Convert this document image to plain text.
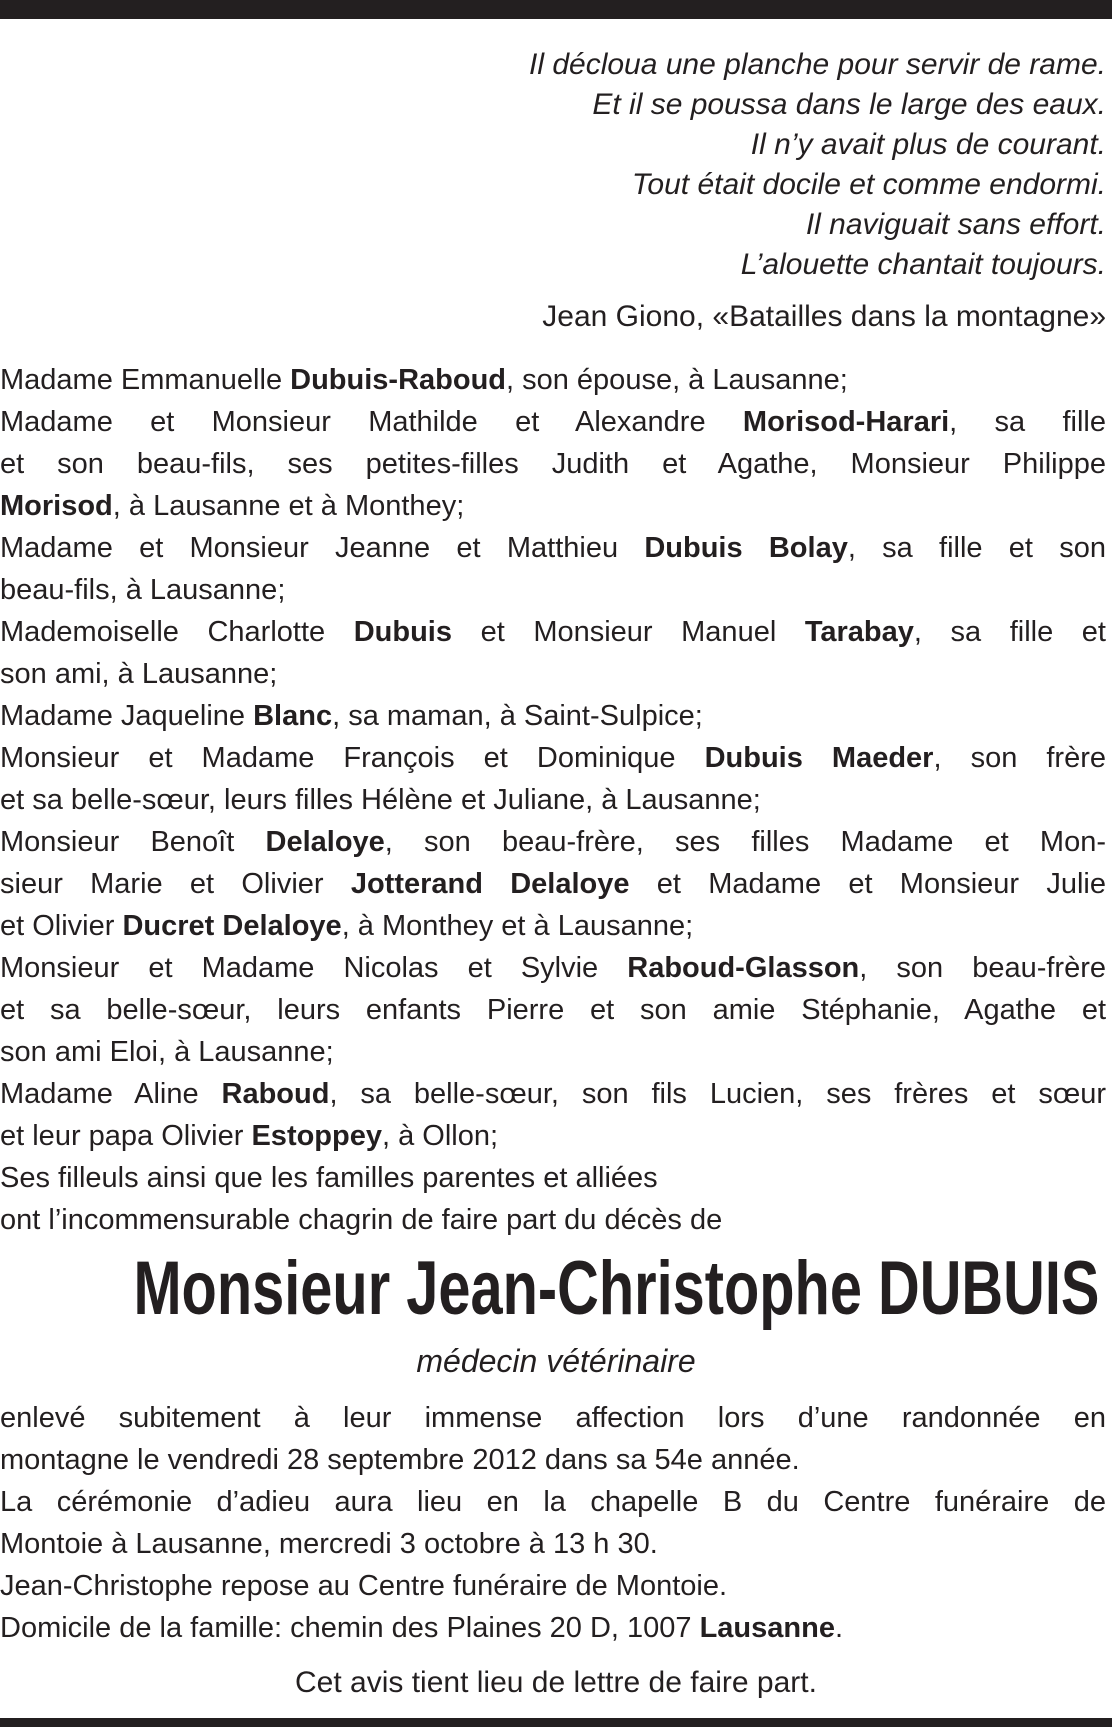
Il décloua une planche pour servir de rame.
Et il se poussa dans le large des eaux.
Il n’y avait plus de courant.
Tout était docile et comme endormi.
Il naviguait sans effort.
L’alouette chantait toujours.
Jean Giono, «Batailles dans la montagne»

Madame Emmanuelle Dubuis-Raboud, son épouse, à Lausanne;

Madame et Monsieur Mathilde et Alexandre Morisod-Harari, sa fille
et son beau-fils, ses petites-filles Judith et Agathe, Monsieur Philippe
Morisod, à Lausanne et à Monthey;

Madame et Monsieur Jeanne et Matthieu Dubuis Bolay, sa fille et son
beau-fils, à Lausanne;

Mademoiselle Charlotte Dubuis et Monsieur Manuel Tarabay, sa fille et
son ami, à Lausanne;

Madame Jaqueline Blanc, sa maman, à Saint-Sulpice;

Monsieur et Madame François et Dominique Dubuis Maeder, son frère
et sa belle-sœur, leurs filles Hélène et Juliane, à Lausanne;

Monsieur Benoît Delaloye, son beau-frère, ses filles Madame et Mon-
sieur Marie et Olivier Jotterand Delaloye et Madame et Monsieur Julie
et Olivier Ducret Delaloye, à Monthey et à Lausanne;

Monsieur et Madame Nicolas et Sylvie Raboud-Glasson, son beau-frère
et sa belle-sœur, leurs enfants Pierre et son amie Stéphanie, Agathe et
son ami Eloi, à Lausanne;

Madame Aline Raboud, sa belle-sœur, son fils Lucien, ses frères et sœur
et leur papa Olivier Estoppey, à Ollon;

Ses filleuls ainsi que les familles parentes et alliées

ont l’incommensurable chagrin de faire part du décès de

Monsieur Jean-Christophe DUBUIS
médecin vétérinaire

enlevé subitement à leur immense affection lors d’une randonnée en
montagne le vendredi 28 septembre 2012 dans sa 54e année.

La cérémonie d’adieu aura lieu en la chapelle B du Centre funéraire de
Montoie à Lausanne, mercredi 3 octobre à 13 h 30.

Jean-Christophe repose au Centre funéraire de Montoie.

Domicile de la famille: chemin des Plaines 20 D, 1007 Lausanne.

Cet avis tient lieu de lettre de faire part.
